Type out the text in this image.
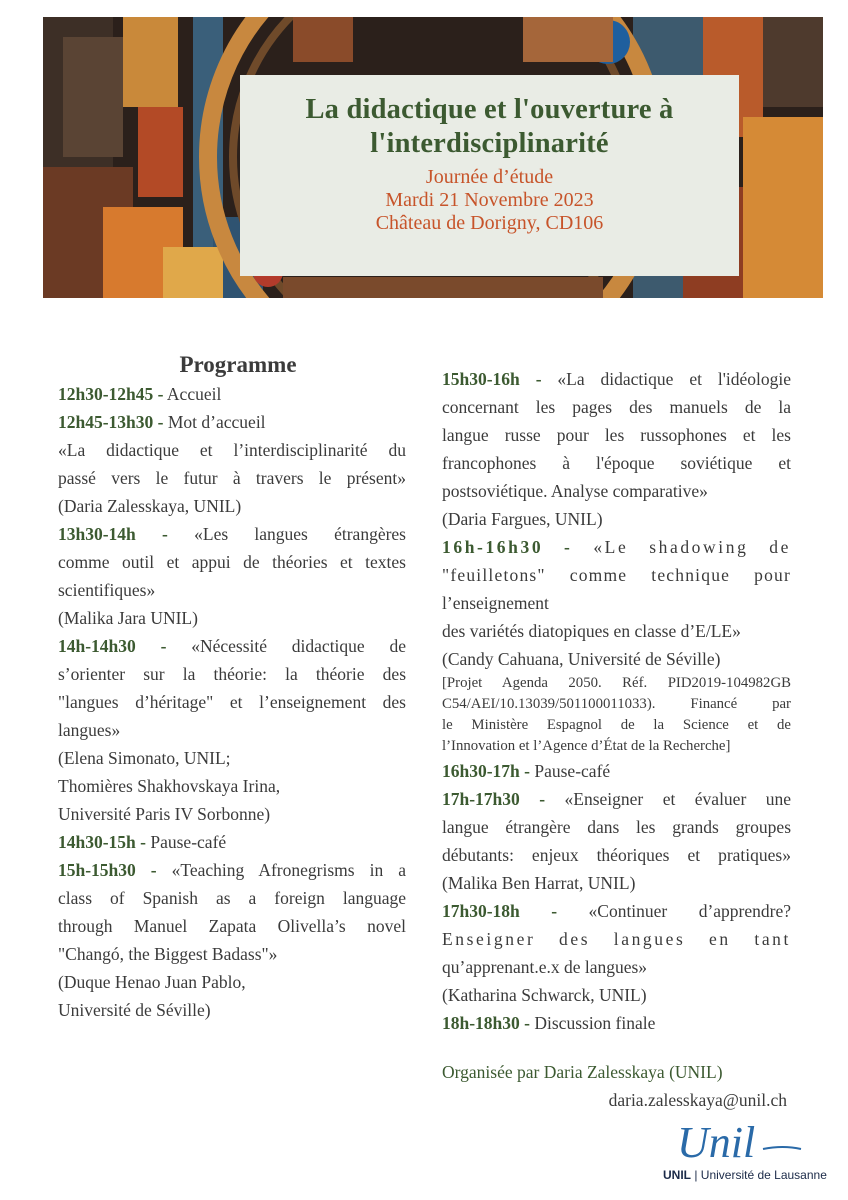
La didactique et l'ouverture à
l'interdisciplinarité
Journée d’étude
Mardi 21 Novembre 2023
Château de Dorigny, CD106
Programme
12h30-12h45 - Accueil
12h45-13h30 - Mot d’accueil
«La didactique et l’interdisciplinarité du
passé vers le futur à travers le présent»
(Daria Zalesskaya, UNIL)
13h30-14h - «Les langues étrangères
comme outil et appui de théories et textes
scientifiques»
(Malika Jara UNIL)
14h-14h30 - «Nécessité didactique de
s’orienter sur la théorie: la théorie des
"langues d’héritage" et l’enseignement des
langues»
(Elena Simonato, UNIL;
Thomières Shakhovskaya Irina,
Université Paris IV Sorbonne)
14h30-15h - Pause-café
15h-15h30 - «Teaching Afronegrisms in a
class of Spanish as a foreign language
through Manuel Zapata Olivella’s novel
"Changó, the Biggest Badass"»
(Duque Henao Juan Pablo,
Université de Séville)
15h30-16h - «La didactique et l'idéologie
concernant les pages des manuels de la
langue russe pour les russophones et les
francophones à l'époque soviétique et
postsoviétique. Analyse comparative»
(Daria Fargues, UNIL)
16h-16h30 - «Le shadowing de
"feuilletons" comme technique pour
l’enseignement
des variétés diatopiques en classe d’E/LE»
(Candy Cahuana, Université de Séville)
[Projet Agenda 2050. Réf. PID2019-104982GB
C54/AEI/10.13039/501100011033). Financé par
le Ministère Espagnol de la Science et de
l’Innovation et l’Agence d’État de la Recherche]
16h30-17h - Pause-café
17h-17h30 - «Enseigner et évaluer une
langue étrangère dans les grands groupes
débutants: enjeux théoriques et pratiques»
(Malika Ben Harrat, UNIL)
17h30-18h - «Continuer d’apprendre?
Enseigner des langues en tant
qu’apprenant.e.x de langues»
(Katharina Schwarck, UNIL)
18h-18h30 - Discussion finale
Organisée par Daria Zalesskaya (UNIL)
daria.zalesskaya@unil.ch
Unil
UNIL | Université de Lausanne
